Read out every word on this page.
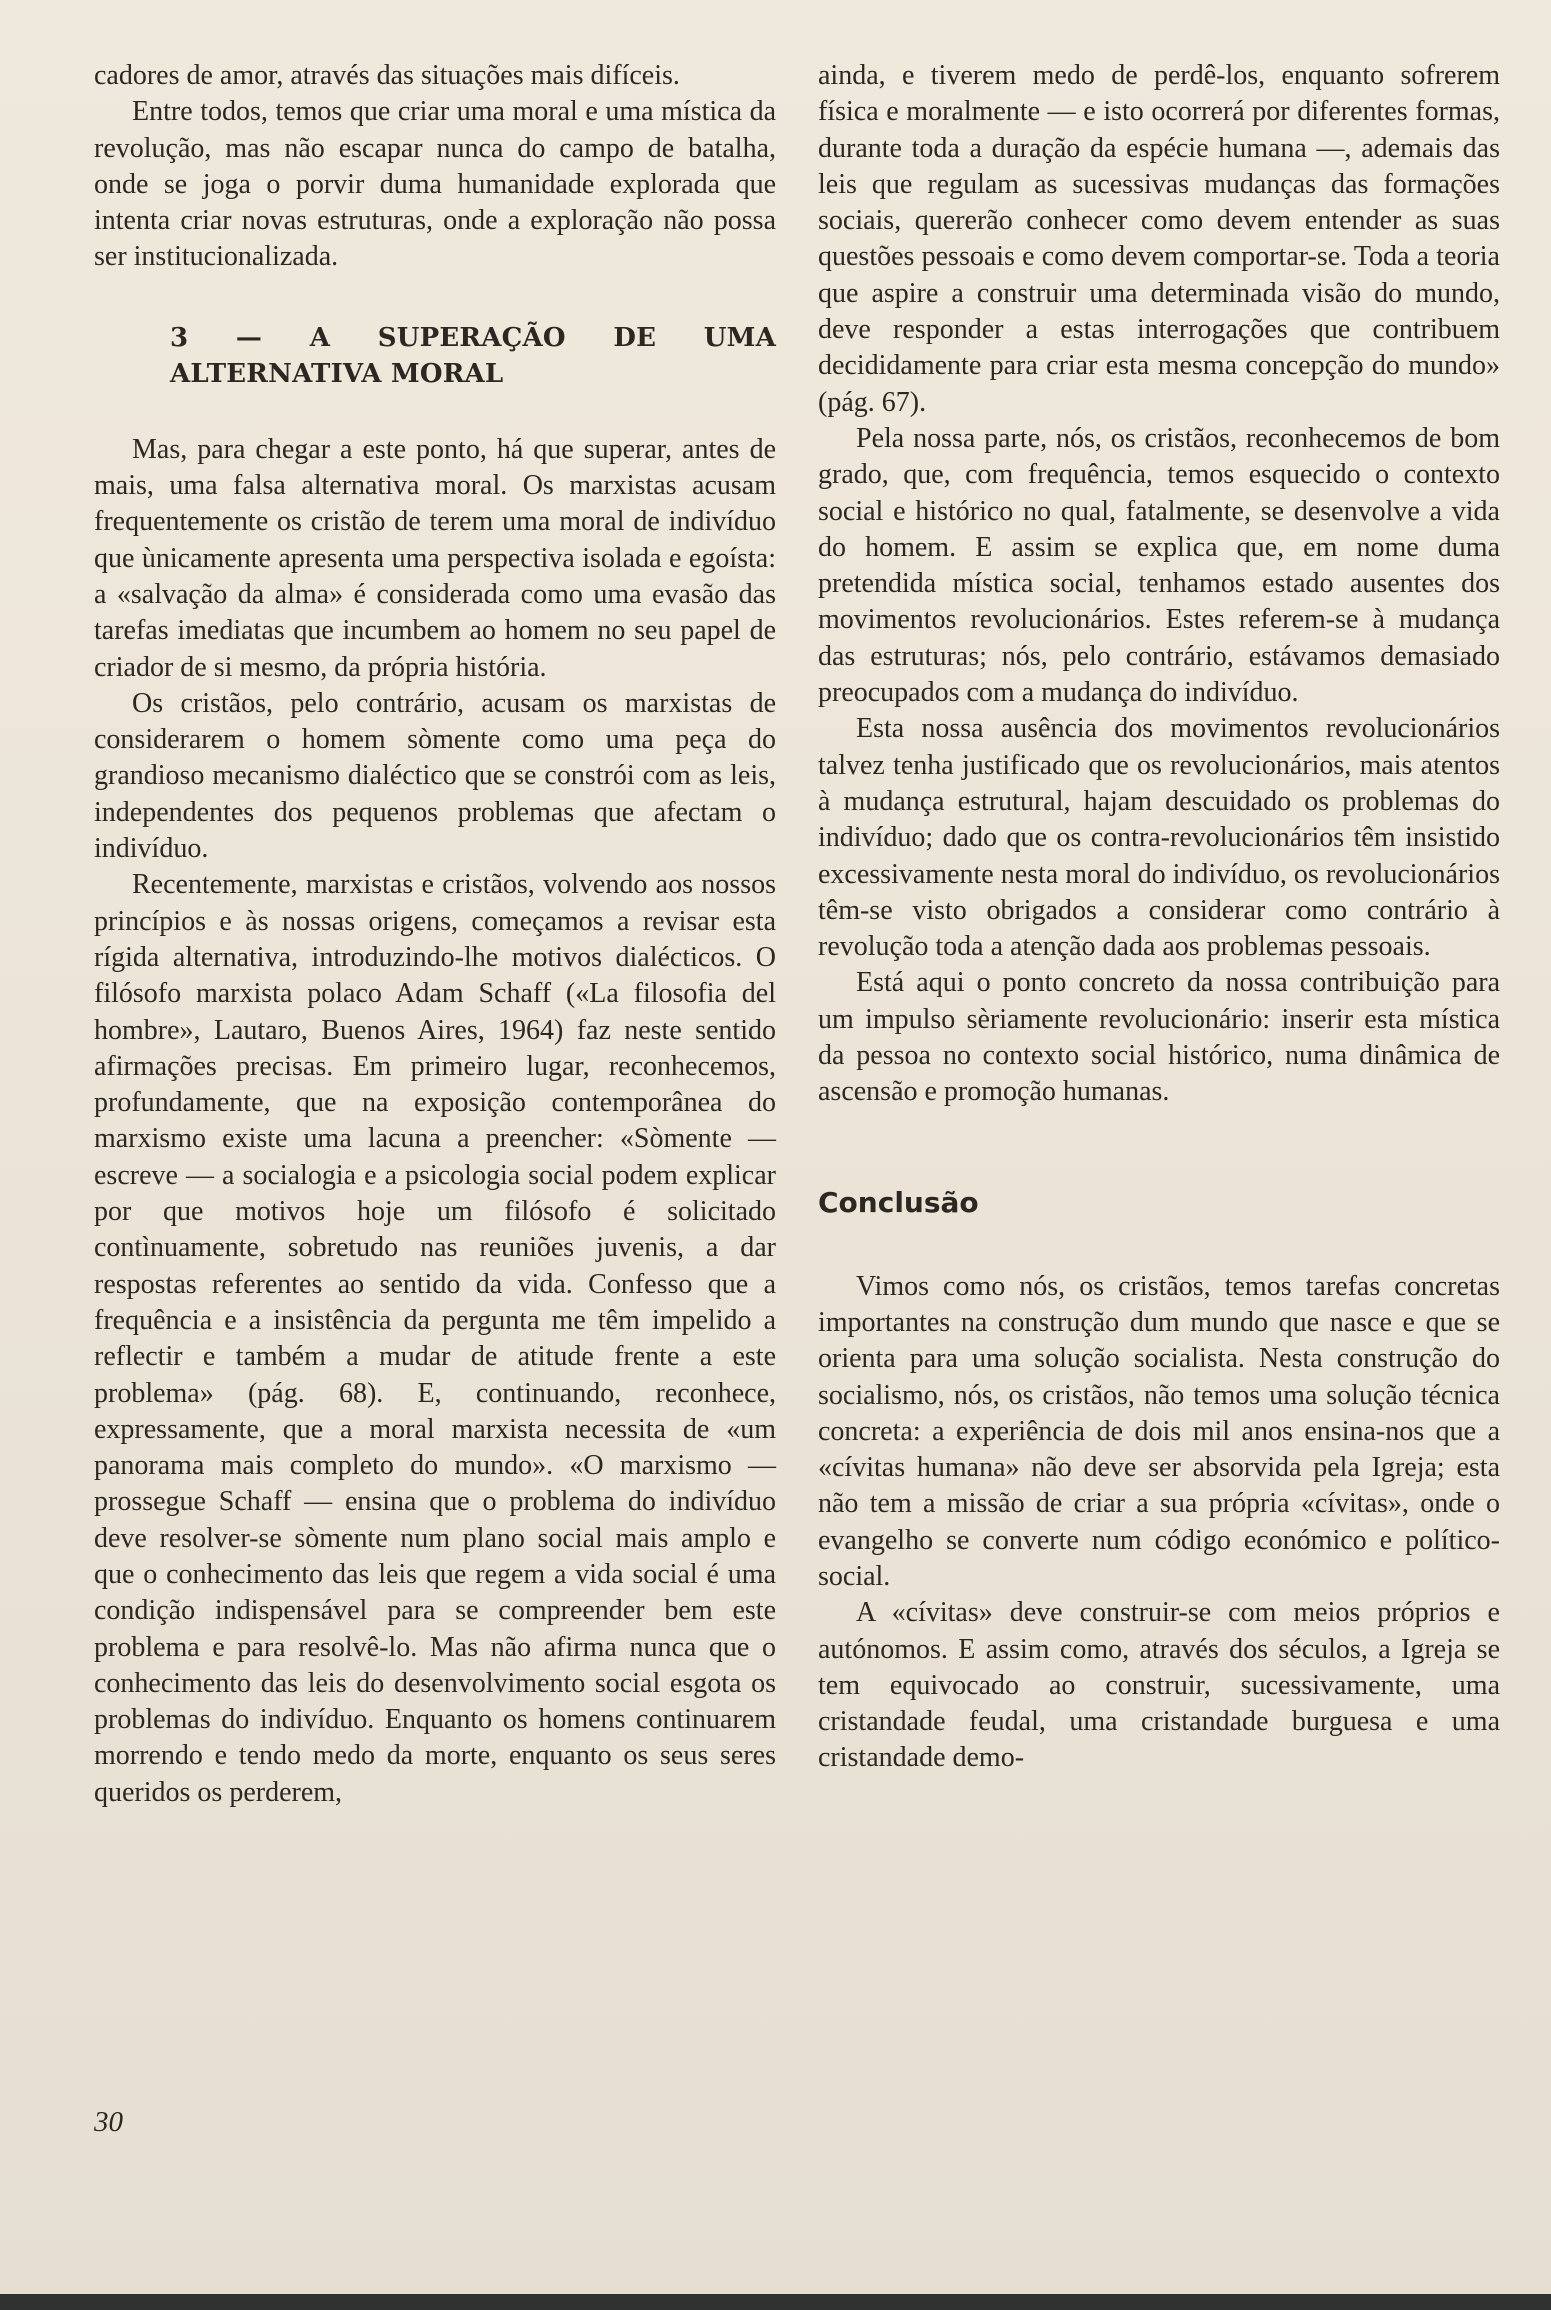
cadores de amor, através das situações mais difíceis.

Entre todos, temos que criar uma moral e uma mística da revolução, mas não escapar nunca do campo de batalha, onde se joga o porvir duma humanidade explorada que intenta criar novas estruturas, onde a exploração não possa ser institucionalizada.

3 — A SUPERAÇÃO DE UMA ALTERNATIVA MORAL

Mas, para chegar a este ponto, há que superar, antes de mais, uma falsa alternativa moral. Os marxistas acusam frequentemente os cristão de terem uma moral de indivíduo que ùnicamente apresenta uma perspectiva isolada e egoísta: a «salvação da alma» é considerada como uma evasão das tarefas imediatas que incumbem ao homem no seu papel de criador de si mesmo, da própria história.

Os cristãos, pelo contrário, acusam os marxistas de considerarem o homem sòmente como uma peça do grandioso mecanismo dialéctico que se constrói com as leis, independentes dos pequenos problemas que afectam o indivíduo.

Recentemente, marxistas e cristãos, volvendo aos nossos princípios e às nossas origens, começamos a revisar esta rígida alternativa, introduzindo-lhe motivos dialécticos. O filósofo marxista polaco Adam Schaff («La filosofia del hombre», Lautaro, Buenos Aires, 1964) faz neste sentido afirmações precisas. Em primeiro lugar, reconhecemos, profundamente, que na exposição contemporânea do marxismo existe uma lacuna a preencher: «Sòmente — escreve — a socialogia e a psicologia social podem explicar por que motivos hoje um filósofo é solicitado contìnuamente, sobretudo nas reuniões juvenis, a dar respostas referentes ao sentido da vida. Confesso que a frequência e a insistência da pergunta me têm impelido a reflectir e também a mudar de atitude frente a este problema» (pág. 68). E, continuando, reconhece, expressamente, que a moral marxista necessita de «um panorama mais completo do mundo». «O marxismo — prossegue Schaff — ensina que o problema do indivíduo deve resolver-se sòmente num plano social mais amplo e que o conhecimento das leis que regem a vida social é uma condição indispensável para se compreender bem este problema e para resolvê-lo. Mas não afirma nunca que o conhecimento das leis do desenvolvimento social esgota os problemas do indivíduo. Enquanto os homens continuarem morrendo e tendo medo da morte, enquanto os seus seres queridos os perderem,

ainda, e tiverem medo de perdê-los, enquanto sofrerem física e moralmente — e isto ocorrerá por diferentes formas, durante toda a duração da espécie humana —, ademais das leis que regulam as sucessivas mudanças das formações sociais, quererão conhecer como devem entender as suas questões pessoais e como devem comportar-se. Toda a teoria que aspire a construir uma determinada visão do mundo, deve responder a estas interrogações que contribuem decididamente para criar esta mesma concepção do mundo» (pág. 67).

Pela nossa parte, nós, os cristãos, reconhecemos de bom grado, que, com frequência, temos esquecido o contexto social e histórico no qual, fatalmente, se desenvolve a vida do homem. E assim se explica que, em nome duma pretendida mística social, tenhamos estado ausentes dos movimentos revolucionários. Estes referem-se à mudança das estruturas; nós, pelo contrário, estávamos demasiado preocupados com a mudança do indivíduo.

Esta nossa ausência dos movimentos revolucionários talvez tenha justificado que os revolucionários, mais atentos à mudança estrutural, hajam descuidado os problemas do indivíduo; dado que os contra-revolucionários têm insistido excessivamente nesta moral do indivíduo, os revolucionários têm-se visto obrigados a considerar como contrário à revolução toda a atenção dada aos problemas pessoais.

Está aqui o ponto concreto da nossa contribuição para um impulso sèriamente revolucionário: inserir esta mística da pessoa no contexto social histórico, numa dinâmica de ascensão e promoção humanas.

Conclusão

Vimos como nós, os cristãos, temos tarefas concretas importantes na construção dum mundo que nasce e que se orienta para uma solução socialista. Nesta construção do socialismo, nós, os cristãos, não temos uma solução técnica concreta: a experiência de dois mil anos ensina-nos que a «cívitas humana» não deve ser absorvida pela Igreja; esta não tem a missão de criar a sua própria «cívitas», onde o evangelho se converte num código económico e político-social.

A «cívitas» deve construir-se com meios próprios e autónomos. E assim como, através dos séculos, a Igreja se tem equivocado ao construir, sucessivamente, uma cristandade feudal, uma cristandade burguesa e uma cristandade demo-

30
